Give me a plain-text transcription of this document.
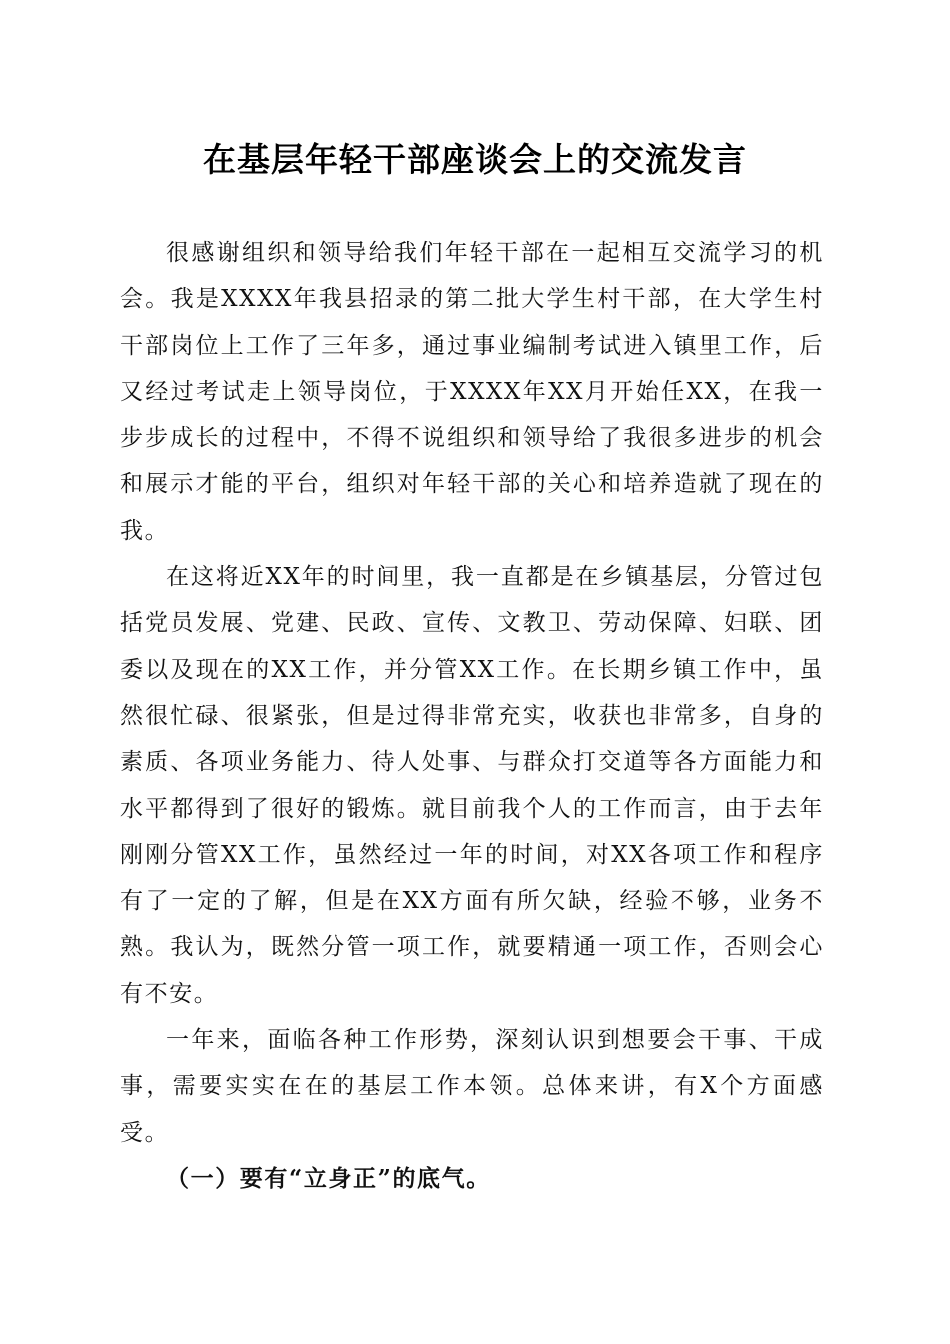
在基层年轻干部座谈会上的交流发言

很感谢组织和领导给我们年轻干部在一起相互交流学习的机会。我是XXXX年我县招录的第二批大学生村干部，在大学生村干部岗位上工作了三年多，通过事业编制考试进入镇里工作，后又经过考试走上领导岗位，于XXXX年XX月开始任XX，在我一步步成长的过程中，不得不说组织和领导给了我很多进步的机会和展示才能的平台，组织对年轻干部的关心和培养造就了现在的我。

在这将近XX年的时间里，我一直都是在乡镇基层，分管过包括党员发展、党建、民政、宣传、文教卫、劳动保障、妇联、团委以及现在的XX工作，并分管XX工作。在长期乡镇工作中，虽然很忙碌、很紧张，但是过得非常充实，收获也非常多，自身的素质、各项业务能力、待人处事、与群众打交道等各方面能力和水平都得到了很好的锻炼。就目前我个人的工作而言，由于去年刚刚分管XX工作，虽然经过一年的时间，对XX各项工作和程序有了一定的了解，但是在XX方面有所欠缺，经验不够，业务不熟。我认为，既然分管一项工作，就要精通一项工作，否则会心有不安。

一年来，面临各种工作形势，深刻认识到想要会干事、干成事，需要实实在在的基层工作本领。总体来讲，有X个方面感受。

（一）要有“立身正”的底气。
